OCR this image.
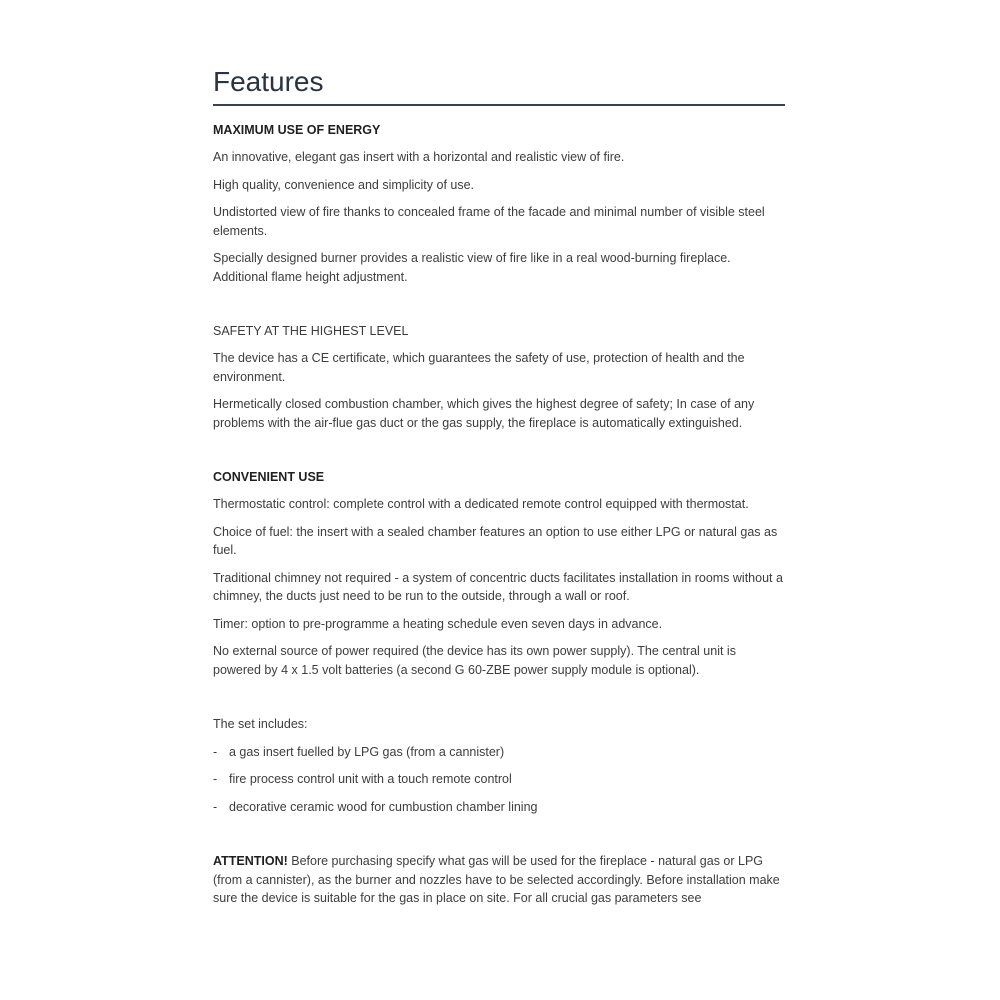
Features
MAXIMUM USE OF ENERGY

An innovative, elegant gas insert with a horizontal and realistic view of fire.

High quality, convenience and simplicity of use.

Undistorted view of fire thanks to concealed frame of the facade and minimal number of visible steel elements.

Specially designed burner provides a realistic view of fire like in a real wood-burning fireplace. Additional flame height adjustment.

SAFETY AT THE HIGHEST LEVEL

The device has a CE certificate, which guarantees the safety of use, protection of health and the environment.

Hermetically closed combustion chamber, which gives the highest degree of safety; In case of any problems with the air-flue gas duct or the gas supply, the fireplace is automatically extinguished.

CONVENIENT USE

Thermostatic control: complete control with a dedicated remote control equipped with thermostat.

Choice of fuel: the insert with a sealed chamber features an option to use either LPG or natural gas as fuel.

Traditional chimney not required - a system of concentric ducts facilitates installation in rooms without a chimney, the ducts just need to be run to the outside, through a wall or roof.

Timer: option to pre-programme a heating schedule even seven days in advance.

No external source of power required (the device has its own power supply). The central unit is powered by 4 x 1.5 volt batteries (a second G 60-ZBE power supply module is optional).

The set includes:

- a gas insert fuelled by LPG gas (from a cannister)
- fire process control unit with a touch remote control
- decorative ceramic wood for cumbustion chamber lining

ATTENTION! Before purchasing specify what gas will be used for the fireplace - natural gas or LPG (from a cannister), as the burner and nozzles have to be selected accordingly. Before installation make sure the device is suitable for the gas in place on site. For all crucial gas parameters see
